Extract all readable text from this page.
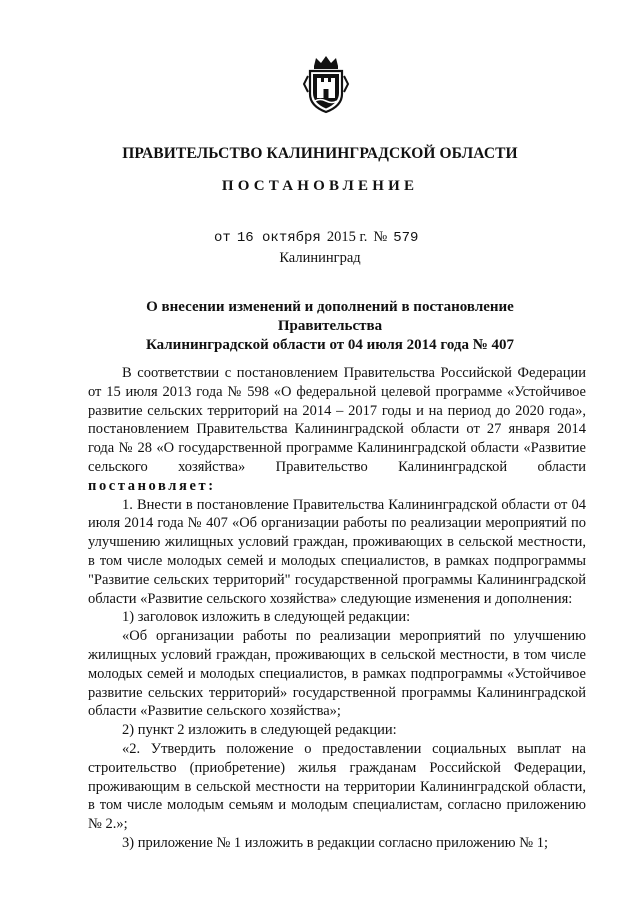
ПРАВИТЕЛЬСТВО КАЛИНИНГРАДСКОЙ ОБЛАСТИ
ПОСТАНОВЛЕНИЕ
от 16 октября 2015 г. № 579
Калининград
О внесении изменений и дополнений в постановление Правительства
Калининградской области от 04 июля 2014 года № 407

В соответствии с постановлением Правительства Российской Федерации от 15 июля 2013 года № 598 «О федеральной целевой программе «Устойчивое развитие сельских территорий на 2014 – 2017 годы и на период до 2020 года», постановлением Правительства Калининградской области от 27 января 2014 года № 28 «О государственной программе Калининградской области «Развитие сельского хозяйства» Правительство Калининградской области постановляет:

1. Внести в постановление Правительства Калининградской области от 04 июля 2014 года № 407 «Об организации работы по реализации мероприятий по улучшению жилищных условий граждан, проживающих в сельской местности, в том числе молодых семей и молодых специалистов, в рамках подпрограммы "Развитие сельских территорий" государственной программы Калининградской области «Развитие сельского хозяйства» следующие изменения и дополнения:

1) заголовок изложить в следующей редакции:

«Об организации работы по реализации мероприятий по улучшению жилищных условий граждан, проживающих в сельской местности, в том числе молодых семей и молодых специалистов, в рамках подпрограммы «Устойчивое развитие сельских территорий» государственной программы Калининградской области «Развитие сельского хозяйства»;

2) пункт 2 изложить в следующей редакции:

«2. Утвердить положение о предоставлении социальных выплат на строительство (приобретение) жилья гражданам Российской Федерации, проживающим в сельской местности на территории Калининградской области, в том числе молодым семьям и молодым специалистам, согласно приложению № 2.»;

3) приложение № 1 изложить в редакции согласно приложению № 1;
